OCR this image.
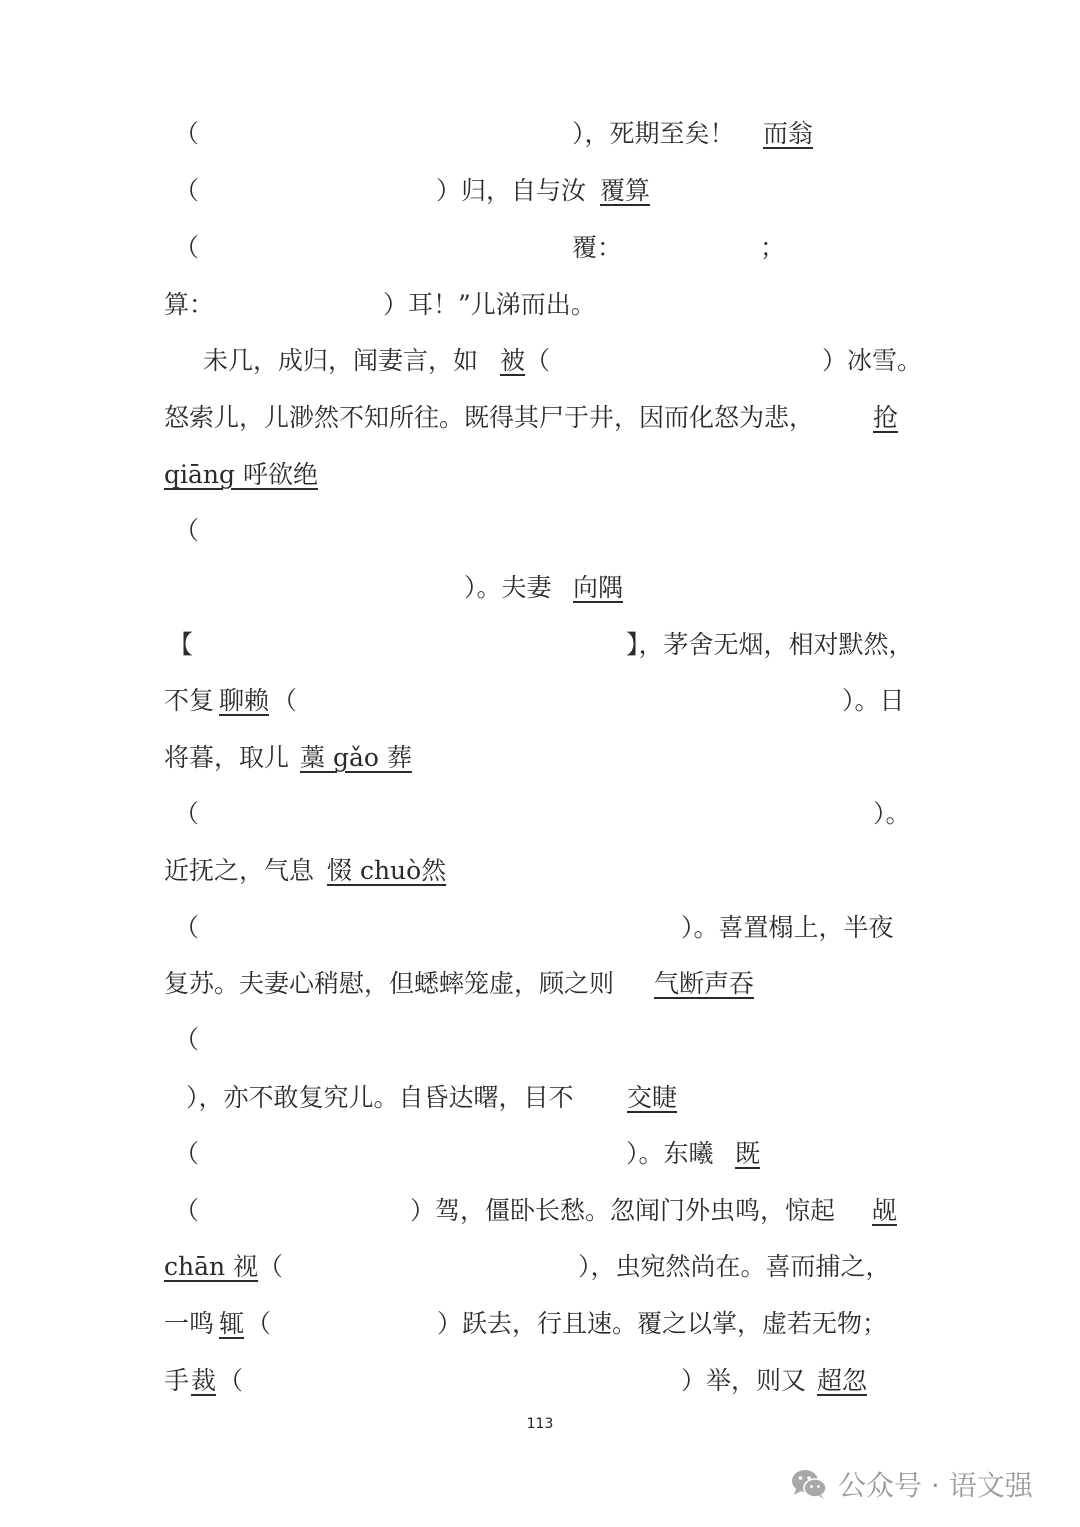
（	），死期至矣！ 而翁
（	）归，自与汝 覆算
（	覆：	；
算：	）耳！”儿涕而出。
未几，成归，闻妻言，如 被 （	）冰雪。
怒索儿，儿渺然不知所往。既得其尸于井，因而化怒为悲， 抢
qiāng 呼欲绝
（
）。夫妻 向隅
【	】，茅舍无烟，相对默然，
不复 聊赖 （	）。日
将暮，取儿 藁 gǎo 葬
（	）。
近抚之，气息 惙 chuò然
（	）。喜置榻上，半夜
复苏。夫妻心稍慰，但蟋蟀笼虚，顾之则 气断声吞
（
），亦不敢复究儿。自昏达曙，目不 交睫
（	）。东曦 既
（	）驾，僵卧长愁。忽闻门外虫鸣，惊起 觇
chān 视 （	），虫宛然尚在。喜而捕之，
一鸣 辄 （	）跃去，行且速。覆之以掌，虚若无物；
手 裁 （	）举，则又 超忽
113
公众号 · 语文强
